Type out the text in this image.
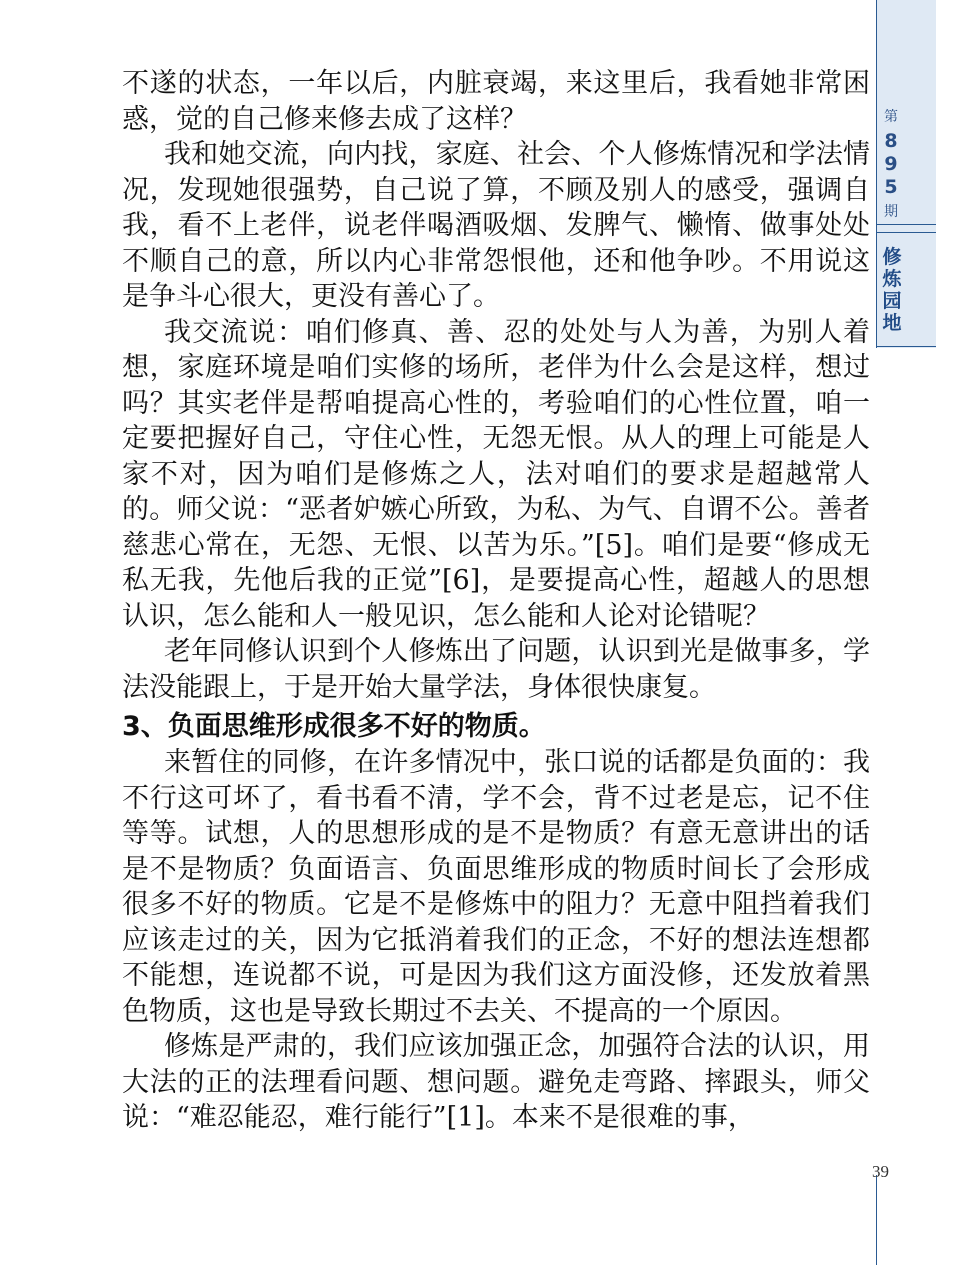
第
8
9
5
期
修
炼
园
地

不遂的状态，一年以后，内脏衰竭，来这里后，我看她非常困惑，觉的自己修来修去成了这样？

我和她交流，向内找，家庭、社会、个人修炼情况和学法情况，发现她很强势，自己说了算，不顾及别人的感受，强调自我，看不上老伴，说老伴喝酒吸烟、发脾气、懒惰、做事处处不顺自己的意，所以内心非常怨恨他，还和他争吵。不用说这是争斗心很大，更没有善心了。

我交流说：咱们修真、善、忍的处处与人为善，为别人着想，家庭环境是咱们实修的场所，老伴为什么会是这样，想过吗？其实老伴是帮咱提高心性的，考验咱们的心性位置，咱一定要把握好自己，守住心性，无怨无恨。从人的理上可能是人家不对，因为咱们是修炼之人，法对咱们的要求是超越常人的。师父说：“恶者妒嫉心所致，为私、为气、自谓不公。善者慈悲心常在，无怨、无恨、以苦为乐。”[5]。咱们是要“修成无私无我，先他后我的正觉”[6]，是要提高心性，超越人的思想认识，怎么能和人一般见识，怎么能和人论对论错呢？

老年同修认识到个人修炼出了问题，认识到光是做事多，学法没能跟上，于是开始大量学法，身体很快康复。

3、负面思维形成很多不好的物质。

来暂住的同修，在许多情况中，张口说的话都是负面的：我不行这可坏了，看书看不清，学不会，背不过老是忘，记不住等等。试想，人的思想形成的是不是物质？有意无意讲出的话是不是物质？负面语言、负面思维形成的物质时间长了会形成很多不好的物质。它是不是修炼中的阻力？无意中阻挡着我们应该走过的关，因为它抵消着我们的正念，不好的想法连想都不能想，连说都不说，可是因为我们这方面没修，还发放着黑色物质，这也是导致长期过不去关、不提高的一个原因。

修炼是严肃的，我们应该加强正念，加强符合法的认识，用大法的正的法理看问题、想问题。避免走弯路、摔跟头，师父说：“难忍能忍，难行能行”[1]。本来不是很难的事，

39
